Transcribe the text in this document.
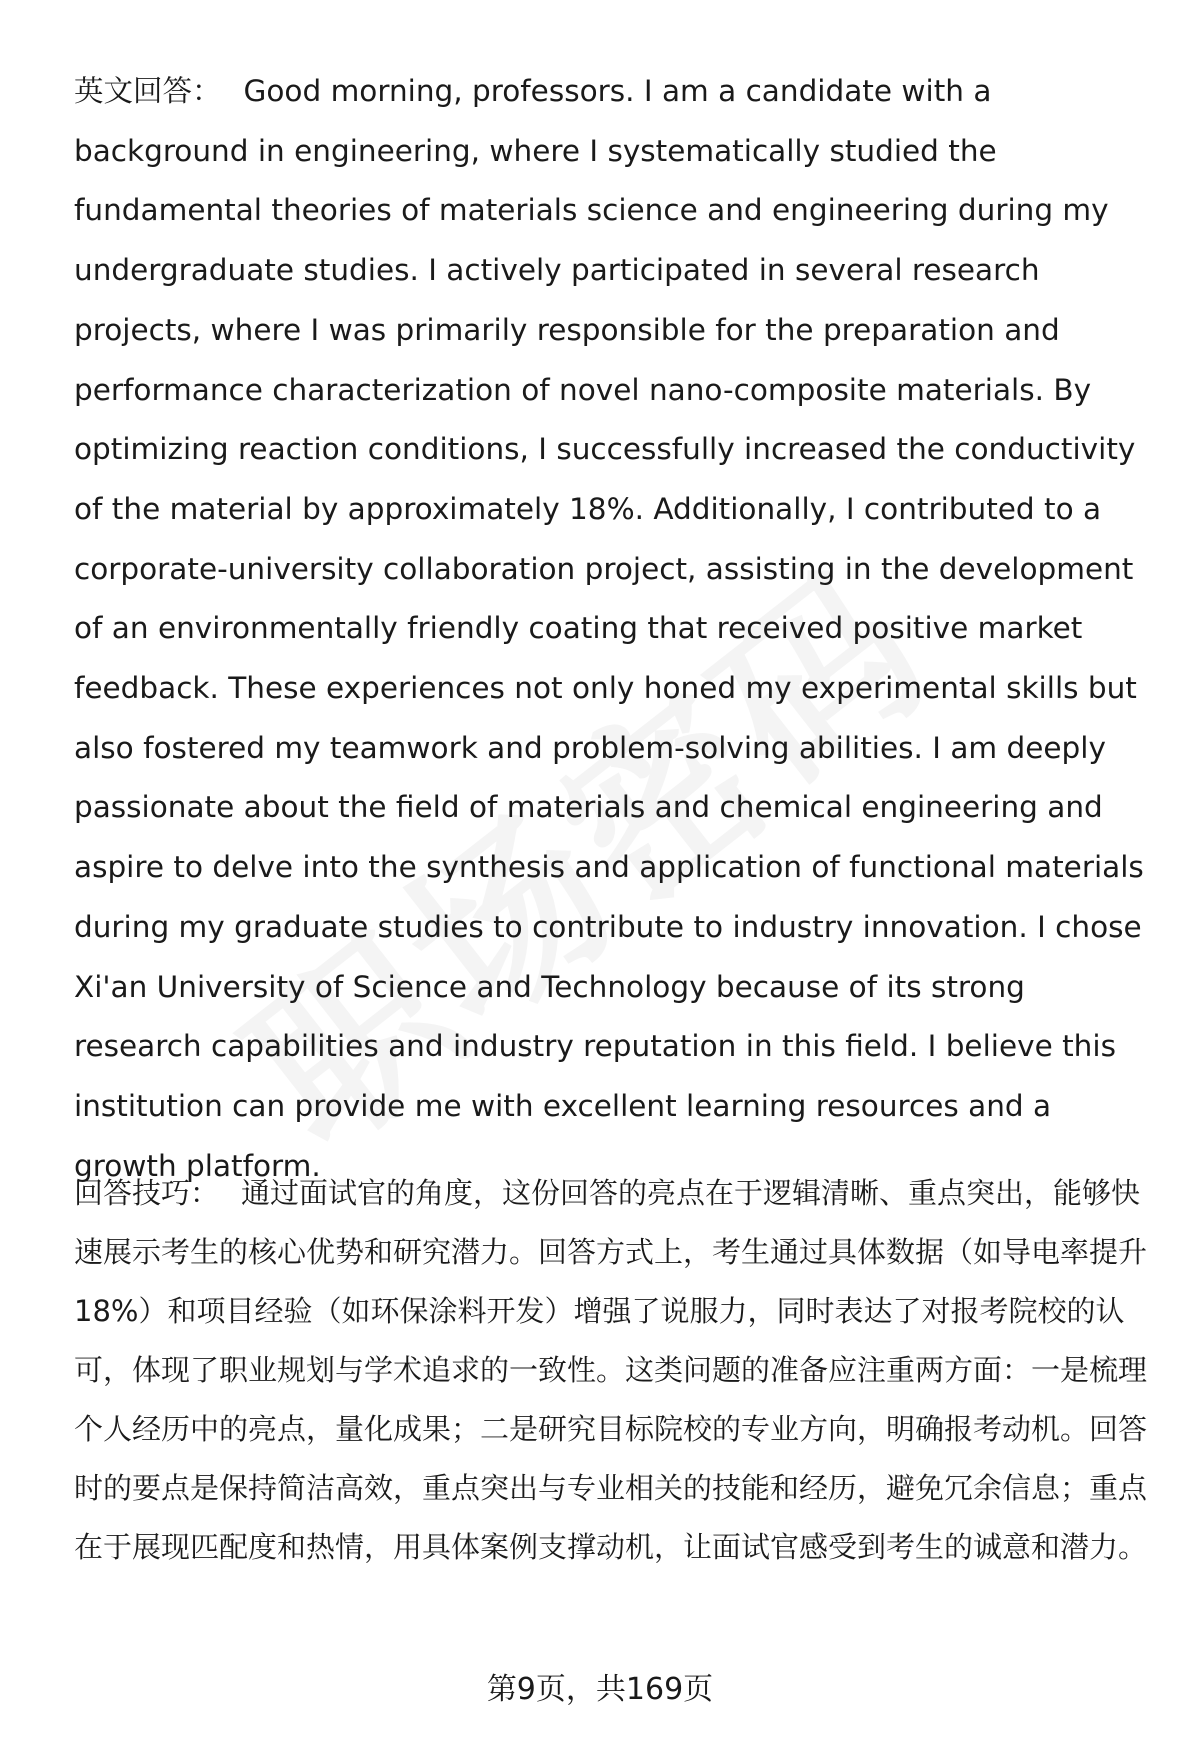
英文回答： Good morning, professors. I am a candidate with a background in engineering, where I systematically studied the fundamental theories of materials science and engineering during my undergraduate studies. I actively participated in several research projects, where I was primarily responsible for the preparation and performance characterization of novel nano-composite materials. By optimizing reaction conditions, I successfully increased the conductivity of the material by approximately 18%. Additionally, I contributed to a corporate-university collaboration project, assisting in the development of an environmentally friendly coating that received positive market feedback. These experiences not only honed my experimental skills but also fostered my teamwork and problem-solving abilities. I am deeply passionate about the field of materials and chemical engineering and aspire to delve into the synthesis and application of functional materials during my graduate studies to contribute to industry innovation. I chose Xi'an University of Science and Technology because of its strong research capabilities and industry reputation in this field. I believe this institution can provide me with excellent learning resources and a growth platform.

回答技巧： 通过面试官的角度，这份回答的亮点在于逻辑清晰、重点突出，能够快速展示考生的核心优势和研究潜力。回答方式上，考生通过具体数据（如导电率提升18%）和项目经验（如环保涂料开发）增强了说服力，同时表达了对报考院校的认可，体现了职业规划与学术追求的一致性。这类问题的准备应注重两方面：一是梳理个人经历中的亮点，量化成果；二是研究目标院校的专业方向，明确报考动机。回答时的要点是保持简洁高效，重点突出与专业相关的技能和经历，避免冗余信息；重点在于展现匹配度和热情，用具体案例支撑动机，让面试官感受到考生的诚意和潜力。

第9页，共169页
